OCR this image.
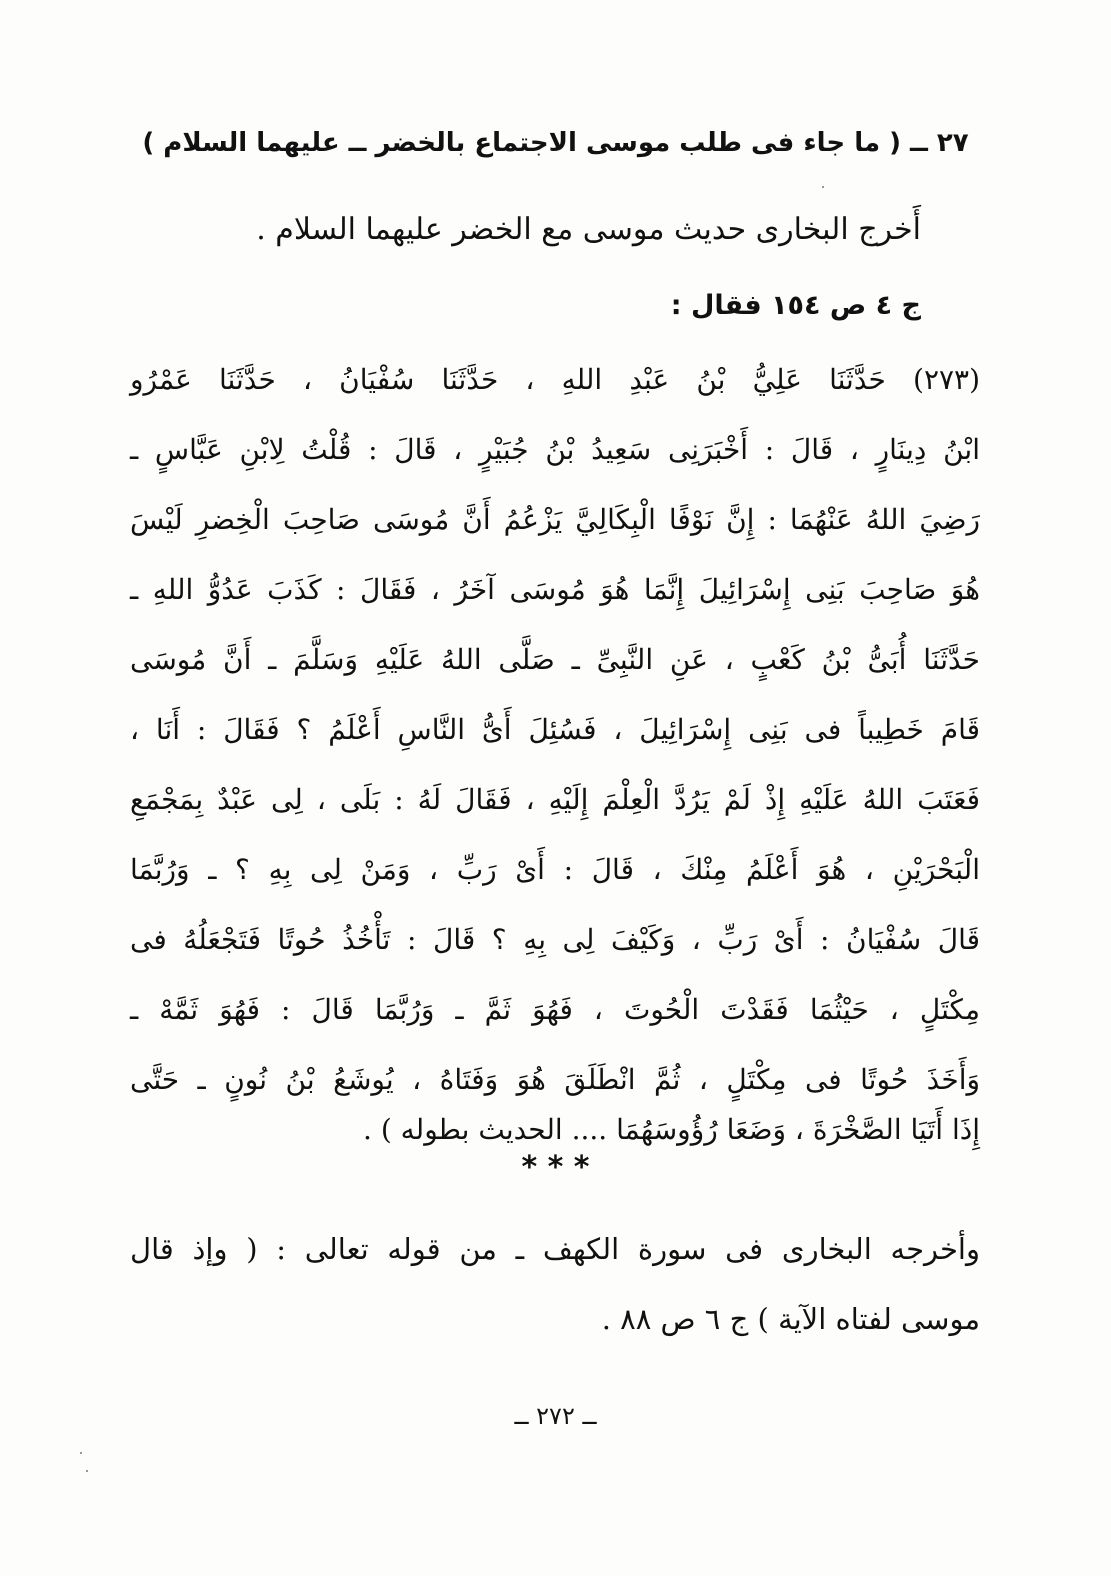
٢٧ ــ ( ما جاء فى طلب موسى الاجتماع بالخضر ــ عليهما السلام )
أَخرج البخارى حديث موسى مع الخضر عليهما السلام .
ج ٤ ص ١٥٤ فقال :
(٢٧٣) حَدَّثَنَا عَلِيُّ بْنُ عَبْدِ اللهِ ، حَدَّثَنَا سُفْيَانُ ، حَدَّثَنَا عَمْرُو
ابْنُ دِينَارٍ ، قَالَ : أَخْبَرَنِى سَعِيدُ بْنُ جُبَيْرٍ ، قَالَ : قُلْتُ لِابْنِ عَبَّاسٍ ـ
رَضِيَ اللهُ عَنْهُمَا : إِنَّ نَوْفًا الْبِكَالِيَّ يَزْعُمُ أَنَّ مُوسَى صَاحِبَ الْخِضرِ لَيْسَ
هُوَ صَاحِبَ بَنِى إِسْرَائِيلَ إِنَّمَا هُوَ مُوسَى آخَرُ ، فَقَالَ : كَذَبَ عَدُوُّ اللهِ ـ
حَدَّثَنَا أُبَىُّ بْنُ كَعْبٍ ، عَنِ النَّبِىِّ ـ صَلَّى اللهُ عَلَيْهِ وَسَلَّمَ ـ أَنَّ مُوسَى
قَامَ خَطِيباً فى بَنِى إِسْرَائِيلَ ، فَسُئِلَ أَىُّ النَّاسِ أَعْلَمُ ؟ فَقَالَ : أَنَا ،
فَعَتَبَ اللهُ عَلَيْهِ إِذْ لَمْ يَرُدَّ الْعِلْمَ إِلَيْهِ ، فَقَالَ لَهُ : بَلَى ، لِى عَبْدٌ بِمَجْمَعِ
الْبَحْرَيْنِ ، هُوَ أَعْلَمُ مِنْكَ ، قَالَ : أَىْ رَبِّ ، وَمَنْ لِى بِهِ ؟ ـ وَرُبَّمَا
قَالَ سُفْيَانُ : أَىْ رَبِّ ، وَكَيْفَ لِى بِهِ ؟ قَالَ : تَأْخُذُ حُوتًا فَتَجْعَلُهُ فى
مِكْتَلٍ ، حَيْثُمَا فَقَدْتَ الْحُوتَ ، فَهُوَ ثَمَّ ـ وَرُبَّمَا قَالَ : فَهُوَ ثَمَّهْ ـ
وَأَخَذَ حُوتًا فى مِكْتَلٍ ، ثُمَّ انْطَلَقَ هُوَ وَفَتَاهُ ، يُوشَعُ بْنُ نُونٍ ـ حَتَّى
إِذَا أَتَيَا الصَّخْرَةَ ، وَضَعَا رُؤُوسَهُمَا .... الحديث بطوله ) .
* * *
وأخرجه البخارى فى سورة الكهف ـ من قوله تعالى : ( وإذ قال
موسى لفتاه الآية ) ج ٦ ص ٨٨ .
ــ ٢٧٢ ــ
